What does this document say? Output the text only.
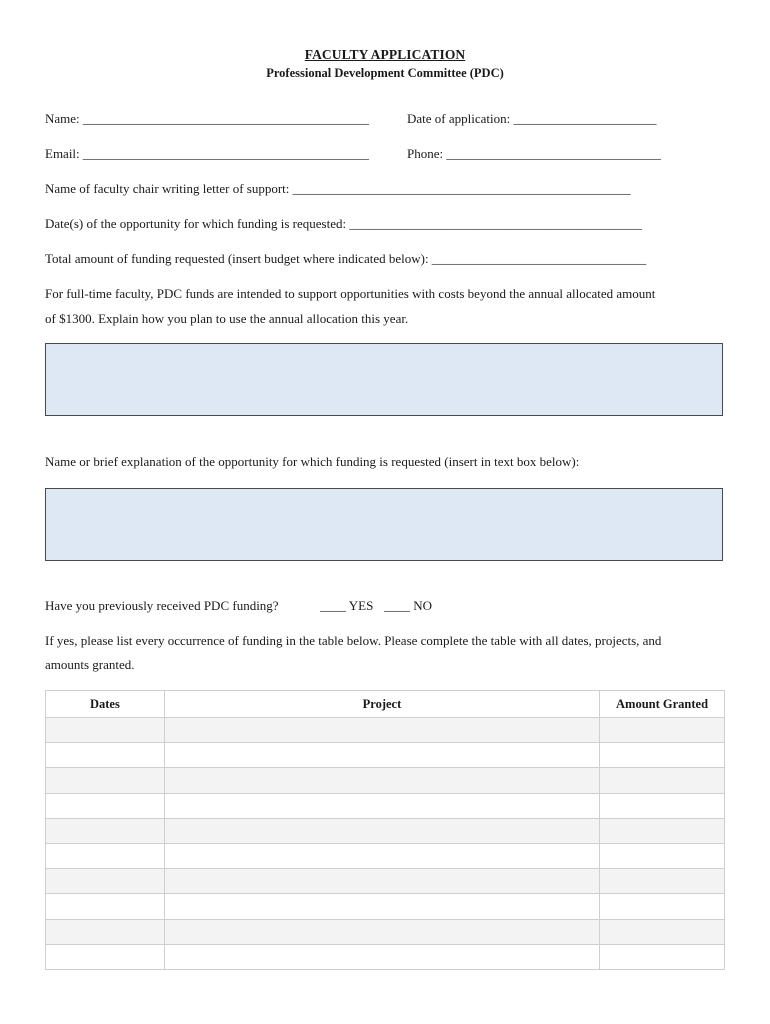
FACULTY APPLICATION
Professional Development Committee (PDC)
Name: ____________________________________________	Date of application: ______________________
Email: ____________________________________________	Phone: _________________________________
Name of faculty chair writing letter of support: ____________________________________________________
Date(s) of the opportunity for which funding is requested: _____________________________________________
Total amount of funding requested (insert budget where indicated below): _________________________________
For full-time faculty, PDC funds are intended to support opportunities with costs beyond the annual allocated amount
of $1300. Explain how you plan to use the annual allocation this year.
Name or brief explanation of the opportunity for which funding is requested (insert in text box below):
Have you previously received PDC funding?	____ YES ____ NO
If yes, please list every occurrence of funding in the table below. Please complete the table with all dates, projects, and
amounts granted.
Dates	Project	Amount Granted
